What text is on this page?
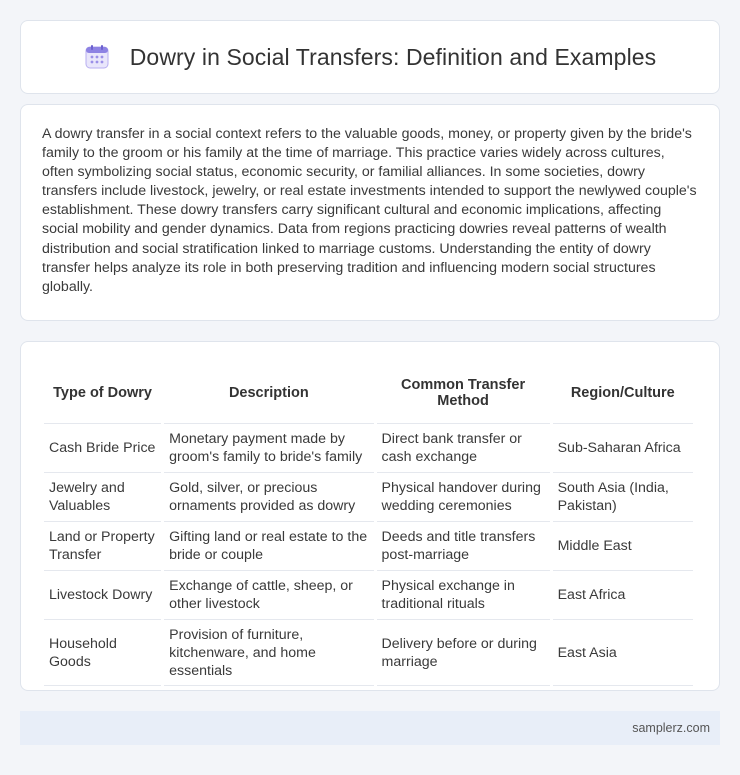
Dowry in Social Transfers: Definition and Examples

A dowry transfer in a social context refers to the valuable goods, money, or property given by the bride's family to the groom or his family at the time of marriage. This practice varies widely across cultures, often symbolizing social status, economic security, or familial alliances. In some societies, dowry transfers include livestock, jewelry, or real estate investments intended to support the newlywed couple's establishment. These dowry transfers carry significant cultural and economic implications, affecting social mobility and gender dynamics. Data from regions practicing dowries reveal patterns of wealth distribution and social stratification linked to marriage customs. Understanding the entity of dowry transfer helps analyze its role in both preserving tradition and influencing modern social structures globally.

Type of Dowry	Description	Common Transfer Method	Region/Culture
Cash Bride Price	Monetary payment made by groom's family to bride's family	Direct bank transfer or cash exchange	Sub-Saharan Africa
Jewelry and Valuables	Gold, silver, or precious ornaments provided as dowry	Physical handover during wedding ceremonies	South Asia (India, Pakistan)
Land or Property Transfer	Gifting land or real estate to the bride or couple	Deeds and title transfers post-marriage	Middle East
Livestock Dowry	Exchange of cattle, sheep, or other livestock	Physical exchange in traditional rituals	East Africa
Household Goods	Provision of furniture, kitchenware, and home essentials	Delivery before or during marriage	East Asia
samplerz.com
